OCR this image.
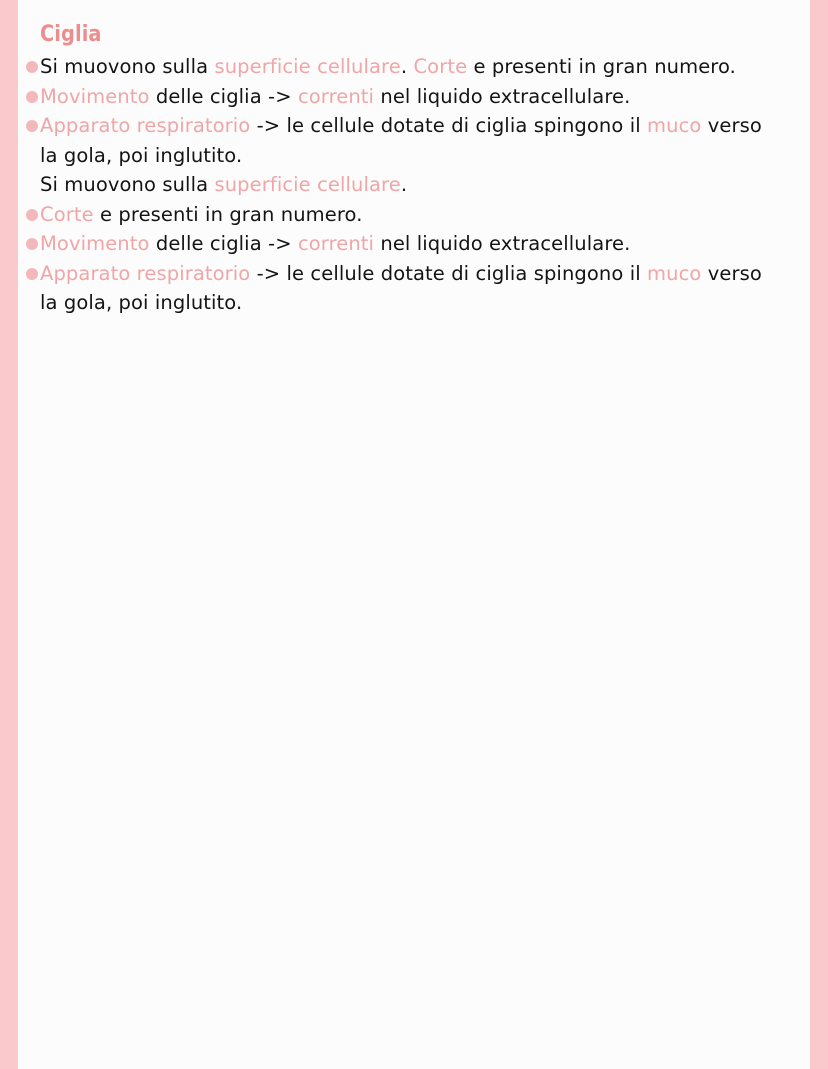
Ciglia
Si muovono sulla superficie cellulare. Corte e presenti in gran numero.
Movimento delle ciglia -> correnti nel liquido extracellulare.
Apparato respiratorio -> le cellule dotate di ciglia spingono il muco verso
la gola, poi inglutito.
Si muovono sulla superficie cellulare.
Corte e presenti in gran numero.
Movimento delle ciglia -> correnti nel liquido extracellulare.
Apparato respiratorio -> le cellule dotate di ciglia spingono il muco verso
la gola, poi inglutito.
